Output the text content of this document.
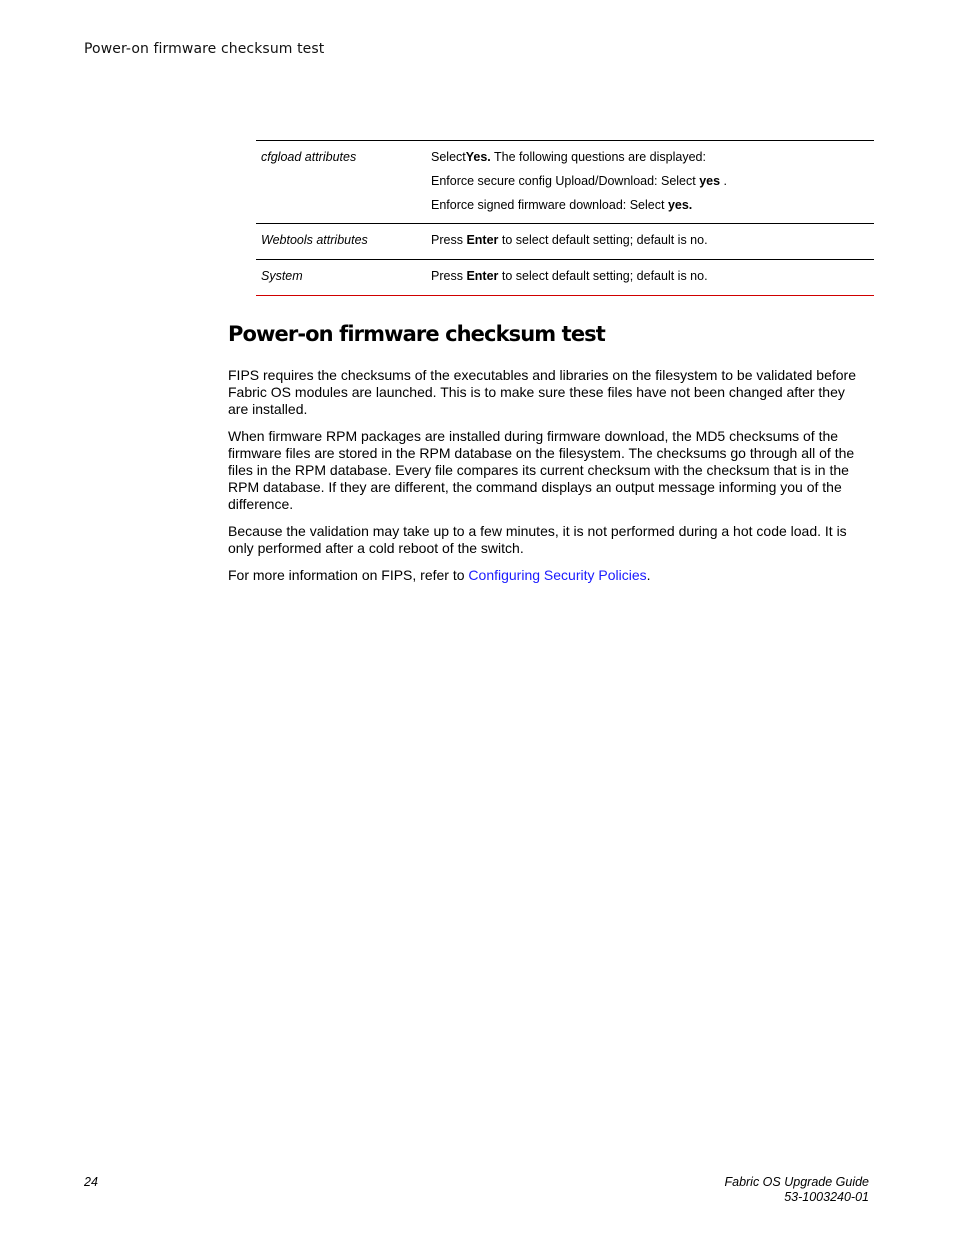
Power-on firmware checksum test
cfgload attributes	SelectYes. The following questions are displayed:
Enforce secure config Upload/Download: Select yes .
Enforce signed firmware download: Select yes.

Webtools attributes	Press Enter to select default setting; default is no.

System	Press Enter to select default setting; default is no.
Power-on firmware checksum test

FIPS requires the checksums of the executables and libraries on the filesystem to be validated before Fabric OS modules are launched. This is to make sure these files have not been changed after they are installed.

When firmware RPM packages are installed during firmware download, the MD5 checksums of the firmware files are stored in the RPM database on the filesystem. The checksums go through all of the files in the RPM database. Every file compares its current checksum with the checksum that is in the RPM database. If they are different, the command displays an output message informing you of the difference.

Because the validation may take up to a few minutes, it is not performed during a hot code load. It is only performed after a cold reboot of the switch.

For more information on FIPS, refer to Configuring Security Policies.

24	Fabric OS Upgrade Guide
53-1003240-01
